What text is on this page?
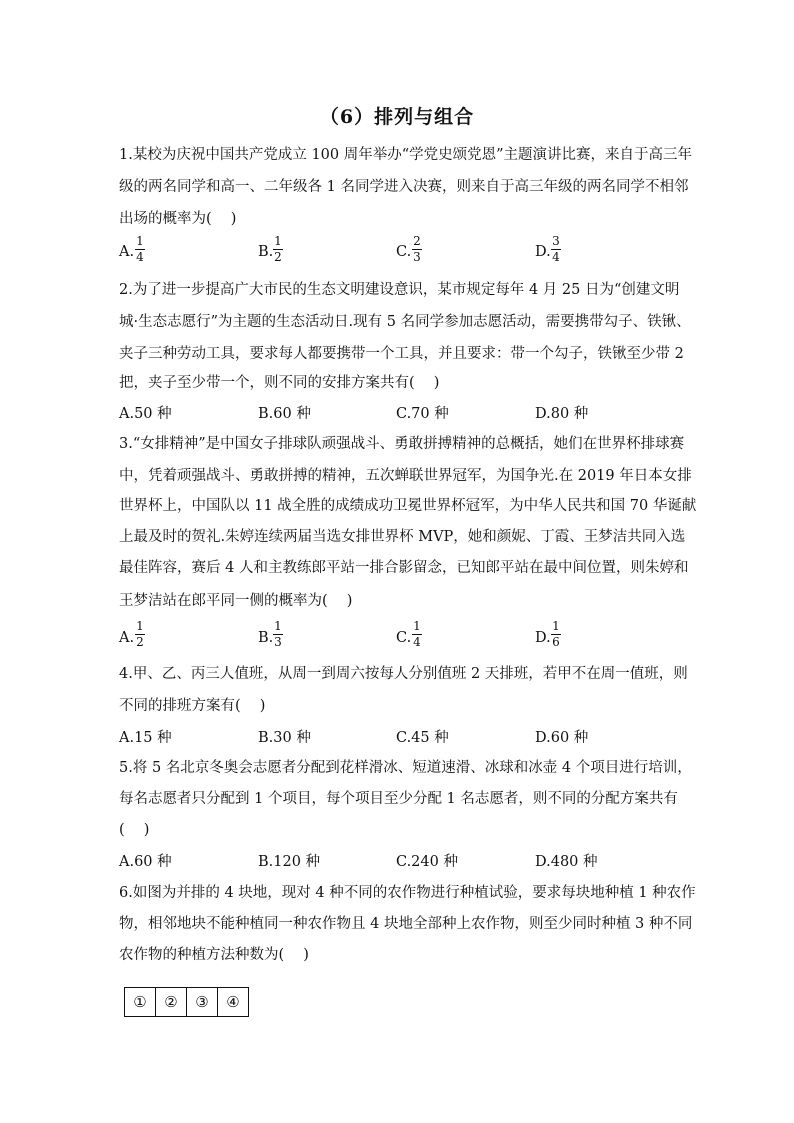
（6）排列与组合
1.某校为庆祝中国共产党成立 100 周年举办“学党史颂党恩”主题演讲比赛，来自于高三年
级的两名同学和高一、二年级各 1 名同学进入决赛，则来自于高三年级的两名同学不相邻
出场的概率为(　 )
A.
1
4	B.
1
2	C.
2
3	D.
3
4
2.为了进一步提高广大市民的生态文明建设意识，某市规定每年 4 月 25 日为“创建文明
城·生态志愿行”为主题的生态活动日.现有 5 名同学参加志愿活动，需要携带勾子、铁锹、
夹子三种劳动工具，要求每人都要携带一个工具，并且要求：带一个勾子，铁锹至少带 2
把，夹子至少带一个，则不同的安排方案共有(　 )
A.50 种	B.60 种	C.70 种	D.80 种
3.“女排精神”是中国女子排球队顽强战斗、勇敢拼搏精神的总概括，她们在世界杯排球赛
中，凭着顽强战斗、勇敢拼搏的精神，五次蝉联世界冠军，为国争光.在 2019 年日本女排
世界杯上，中国队以 11 战全胜的成绩成功卫冕世界杯冠军，为中华人民共和国 70 华诞献
上最及时的贺礼.朱婷连续两届当选女排世界杯 MVP，她和颜妮、丁霞、王梦洁共同入选
最佳阵容，赛后 4 人和主教练郎平站一排合影留念，已知郎平站在最中间位置，则朱婷和
王梦洁站在郎平同一侧的概率为(　 )
A.
1
2	B.
1
3	C.
1
4	D.
1
6
4.甲、乙、丙三人值班，从周一到周六按每人分别值班 2 天排班，若甲不在周一值班，则
不同的排班方案有(　 )
A.15 种	B.30 种	C.45 种	D.60 种
5.将 5 名北京冬奥会志愿者分配到花样滑冰、短道速滑、冰球和冰壶 4 个项目进行培训，
每名志愿者只分配到 1 个项目，每个项目至少分配 1 名志愿者，则不同的分配方案共有
(　 )
A.60 种	B.120 种	C.240 种	D.480 种
6.如图为并排的 4 块地，现对 4 种不同的农作物进行种植试验，要求每块地种植 1 种农作
物，相邻地块不能种植同一种农作物且 4 块地全部种上农作物，则至少同时种植 3 种不同
农作物的种植方法种数为(　 )
①	②	③	④
